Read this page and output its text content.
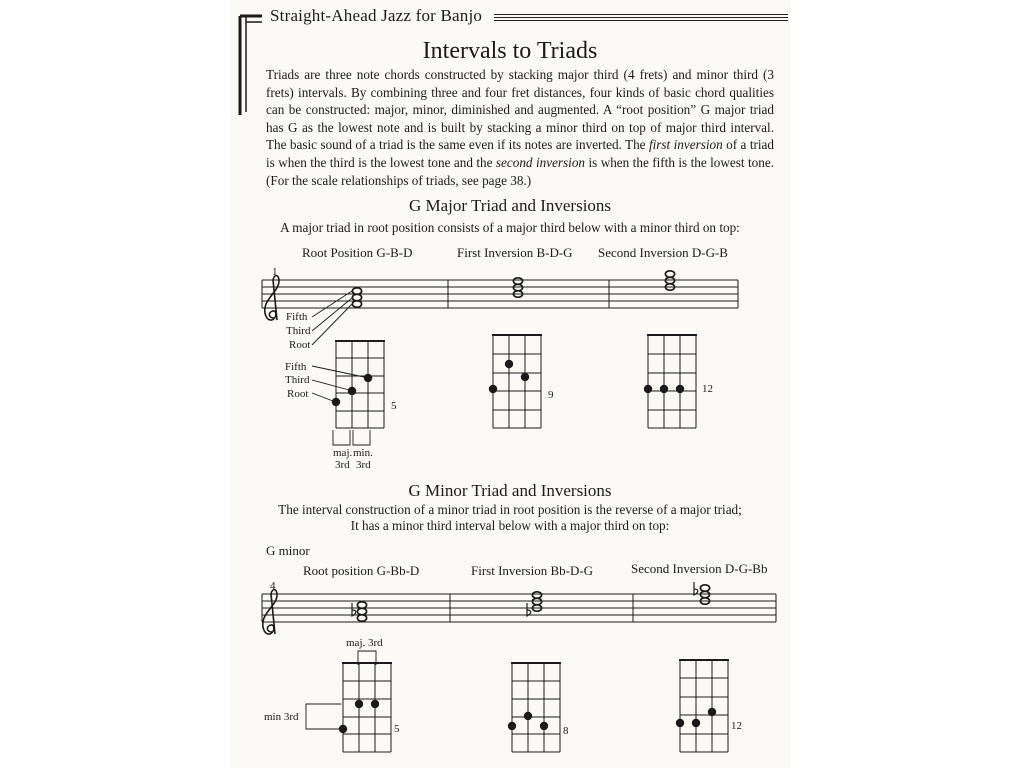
Straight-Ahead Jazz for Banjo
Intervals to Triads
Triads are three note chords constructed by stacking major third (4 frets) and minor third (3 frets) intervals. By combining three and four fret distances, four kinds of basic chord qualities can be constructed: major, minor, diminished and augmented. A “root position” G major triad has G as the lowest note and is built by stacking a minor third on top of major third interval. The basic sound of a triad is the same even if its notes are inverted. The first inversion of a triad is when the third is the lowest tone and the second inversion is when the fifth is the lowest tone. (For the scale relationships of triads, see page 38.)
G Major Triad and Inversions
A major triad in root position consists of a major third below with a minor third on top:
Root Position G-B-D	First Inversion B-D-G Second Inversion D-G-B
1
Fifth
Third
Root
Fifth
Third
Root
5
9	12
maj.
3rd
min.
3rd
G Minor Triad and Inversions
The interval construction of a minor triad in root position is the reverse of a major triad;
It has a minor third interval below with a major third on top:
G minor
Root position G-Bb-D	First Inversion Bb-D-G	Second Inversion D-G-Bb
4
maj. 3rd
min 3rd
5	8	12
